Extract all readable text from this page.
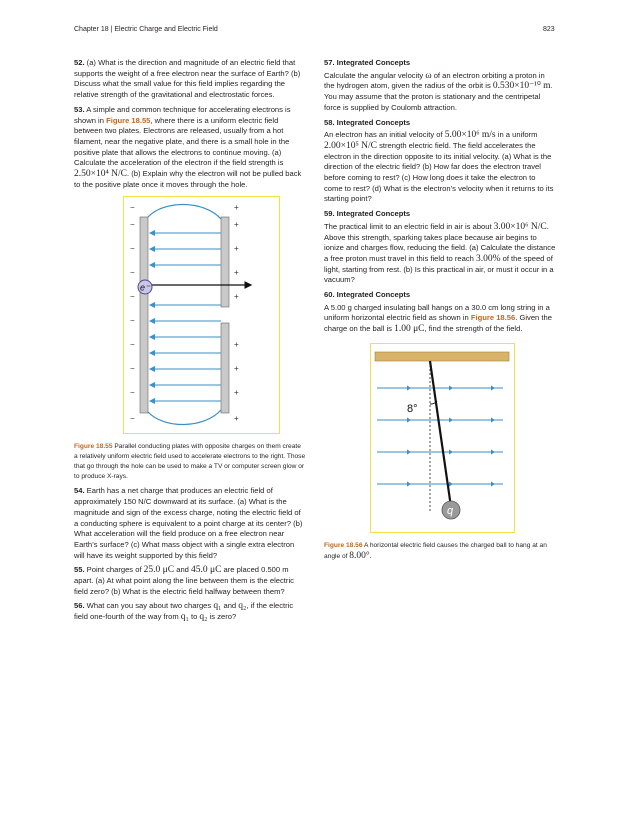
Chapter 18 | Electric Charge and Electric Field	823

52. (a) What is the direction and magnitude of an electric field that supports the weight of a free electron near the surface of Earth? (b) Discuss what the small value for this field implies regarding the relative strength of the gravitational and electrostatic forces.

53. A simple and common technique for accelerating electrons is shown in Figure 18.55, where there is a uniform electric field between two plates. Electrons are released, usually from a hot filament, near the negative plate, and there is a small hole in the positive plate that allows the electrons to continue moving. (a) Calculate the acceleration of the electron if the field strength is 2.50×10⁴ N/C. (b) Explain why the electron will not be pulled back to the positive plate once it moves through the hole.

−
−
−
−
−
−
−
−
−
−
+
+
+
+
+
+
+
+
+
e⁻

Figure 18.55 Parallel conducting plates with opposite charges on them create a relatively uniform electric field used to accelerate electrons to the right. Those that go through the hole can be used to make a TV or computer screen glow or to produce X-rays.

54. Earth has a net charge that produces an electric field of approximately 150 N/C downward at its surface. (a) What is the magnitude and sign of the excess charge, noting the electric field of a conducting sphere is equivalent to a point charge at its center? (b) What acceleration will the field produce on a free electron near Earth’s surface? (c) What mass object with a single extra electron will have its weight supported by this field?

55. Point charges of 25.0 μC and 45.0 μC are placed 0.500 m apart. (a) At what point along the line between them is the electric field zero? (b) What is the electric field halfway between them?

56. What can you say about two charges q₁ and q₂, if the electric field one-fourth of the way from q₁ to q₂ is zero?

57. Integrated Concepts
Calculate the angular velocity ω of an electron orbiting a proton in the hydrogen atom, given the radius of the orbit is 0.530×10⁻¹⁰ m. You may assume that the proton is stationary and the centripetal force is supplied by Coulomb attraction.

58. Integrated Concepts
An electron has an initial velocity of 5.00×10⁶ m/s in a uniform 2.00×10⁵ N/C strength electric field. The field accelerates the electron in the direction opposite to its initial velocity. (a) What is the direction of the electric field? (b) How far does the electron travel before coming to rest? (c) How long does it take the electron to come to rest? (d) What is the electron’s velocity when it returns to its starting point?

59. Integrated Concepts
The practical limit to an electric field in air is about 3.00×10⁶ N/C. Above this strength, sparking takes place because air begins to ionize and charges flow, reducing the field. (a) Calculate the distance a free proton must travel in this field to reach 3.00% of the speed of light, starting from rest. (b) Is this practical in air, or must it occur in a vacuum?

60. Integrated Concepts
A 5.00 g charged insulating ball hangs on a 30.0 cm long string in a uniform horizontal electric field as shown in Figure 18.56. Given the charge on the ball is 1.00 μC, find the strength of the field.

8°
q

Figure 18.56 A horizontal electric field causes the charged ball to hang at an angle of 8.00°.
